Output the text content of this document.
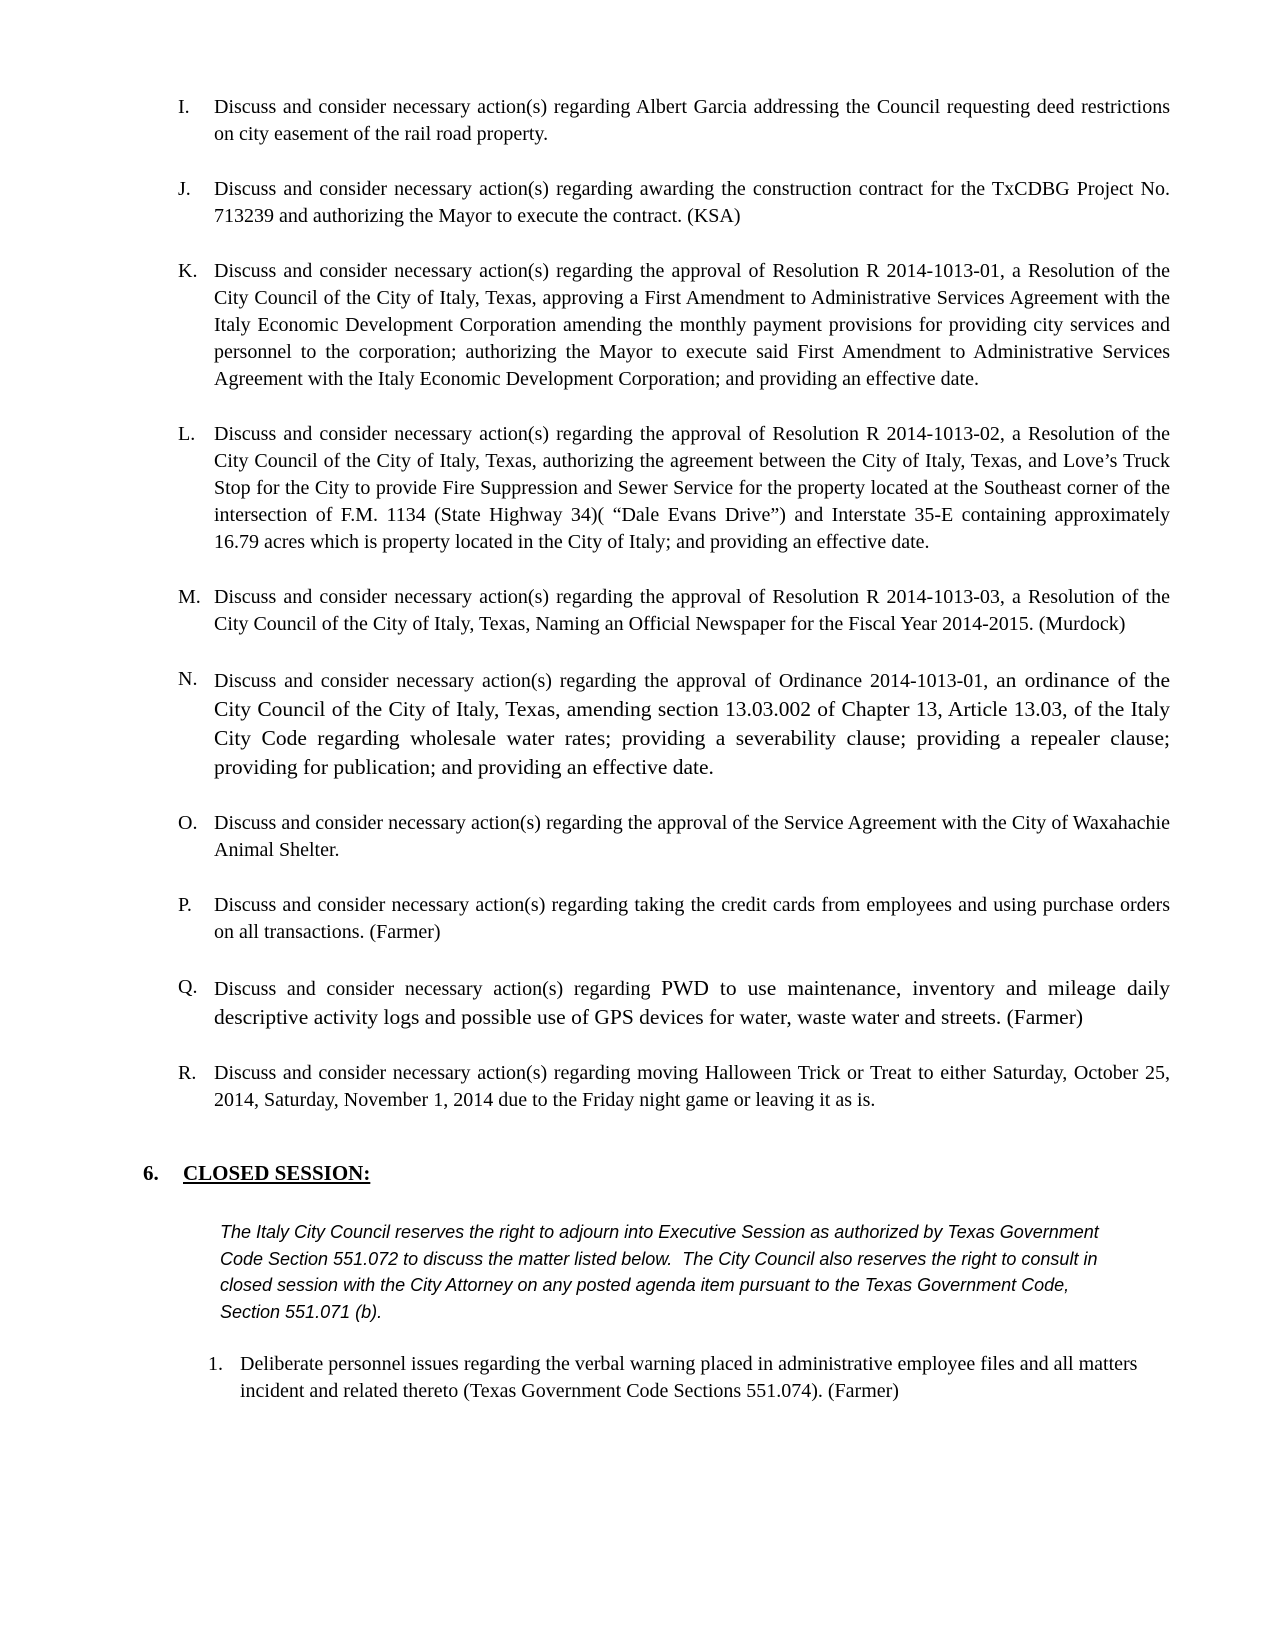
I.	Discuss and consider necessary action(s) regarding Albert Garcia addressing the Council requesting deed restrictions on city easement of the rail road property.
J.	Discuss and consider necessary action(s) regarding awarding the construction contract for the TxCDBG Project No. 713239 and authorizing the Mayor to execute the contract. (KSA)
K. Discuss and consider necessary action(s) regarding the approval of Resolution R 2014-1013-01, a Resolution of the City Council of the City of Italy, Texas, approving a First Amendment to Administrative Services Agreement with the Italy Economic Development Corporation amending the monthly payment provisions for providing city services and personnel to the corporation; authorizing the Mayor to execute said First Amendment to Administrative Services Agreement with the Italy Economic Development Corporation; and providing an effective date.
L. Discuss and consider necessary action(s) regarding the approval of Resolution R 2014-1013-02, a Resolution of the City Council of the City of Italy, Texas, authorizing the agreement between the City of Italy, Texas, and Love’s Truck Stop for the City to provide Fire Suppression and Sewer Service for the property located at the Southeast corner of the intersection of F.M. 1134 (State Highway 34)( “Dale Evans Drive”) and Interstate 35-E containing approximately 16.79 acres which is property located in the City of Italy; and providing an effective date.
M. Discuss and consider necessary action(s) regarding the approval of Resolution R 2014-1013-03, a Resolution of the City Council of the City of Italy, Texas, Naming an Official Newspaper for the Fiscal Year 2014-2015. (Murdock)
N. Discuss and consider necessary action(s) regarding the approval of Ordinance 2014-1013-01, an ordinance of the City Council of the City of Italy, Texas, amending section 13.03.002 of Chapter 13, Article 13.03, of the Italy City Code regarding wholesale water rates; providing a severability clause; providing a repealer clause; providing for publication; and providing an effective date.
O. Discuss and consider necessary action(s) regarding the approval of the Service Agreement with the City of Waxahachie Animal Shelter.
P.	Discuss and consider necessary action(s) regarding taking the credit cards from employees and using purchase orders on all transactions. (Farmer)
Q. Discuss and consider necessary action(s) regarding PWD to use maintenance, inventory and mileage daily descriptive activity logs and possible use of GPS devices for water, waste water and streets. (Farmer)
R. Discuss and consider necessary action(s) regarding moving Halloween Trick or Treat to either Saturday, October 25, 2014, Saturday, November 1, 2014 due to the Friday night game or leaving it as is.
6. CLOSED SESSION:
The Italy City Council reserves the right to adjourn into Executive Session as authorized by Texas Government Code Section 551.072 to discuss the matter listed below.  The City Council also reserves the right to consult in closed session with the City Attorney on any posted agenda item pursuant to the Texas Government Code, Section 551.071 (b).
1. Deliberate personnel issues regarding the verbal warning placed in administrative employee files and all matters incident and related thereto (Texas Government Code Sections 551.074). (Farmer)
